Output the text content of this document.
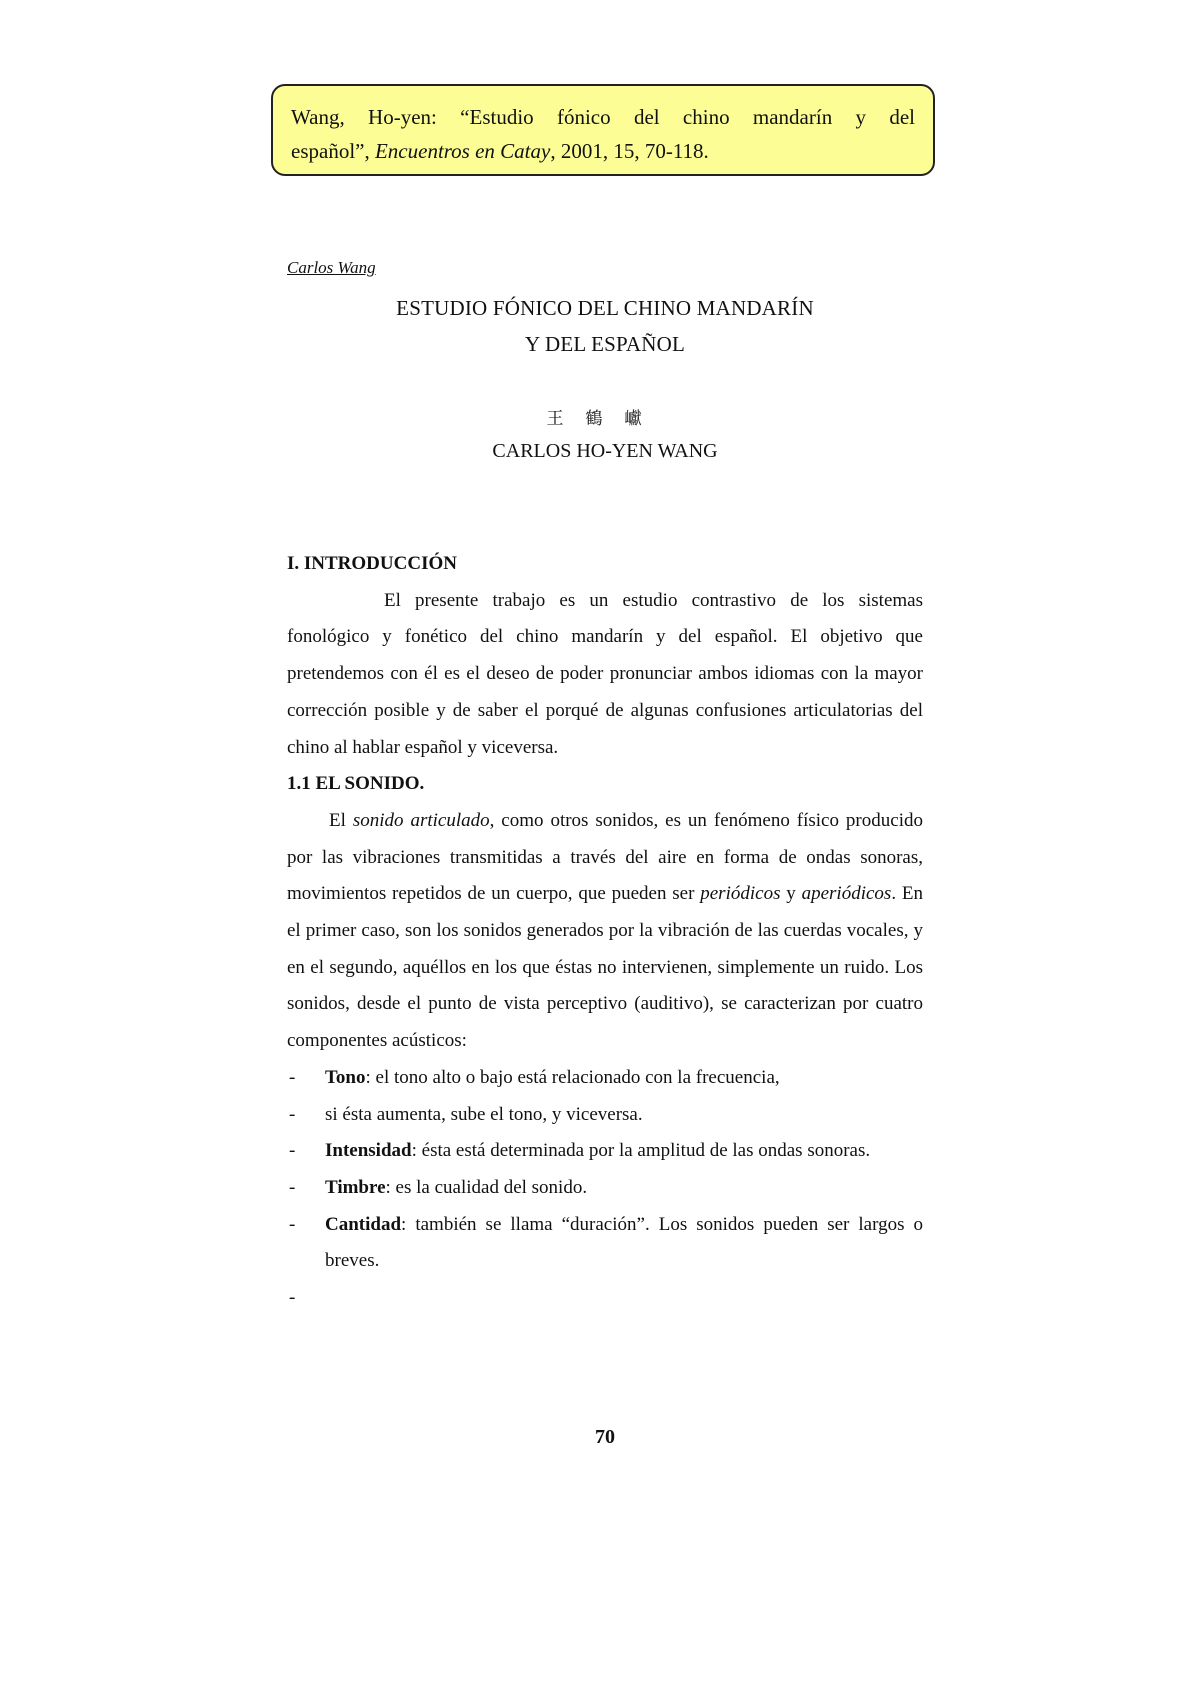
Wang, Ho-yen: “Estudio fónico del chino mandarín y del
español”, Encuentros en Catay, 2001, 15, 70-118.
Carlos Wang
ESTUDIO FÓNICO DEL CHINO MANDARÍN
Y DEL ESPAÑOL
王鶴巘
CARLOS HO-YEN WANG

I. INTRODUCCIÓN

El presente trabajo es un estudio contrastivo de los sistemas fonológico y fonético del chino mandarín y del español. El objetivo que pretendemos con él es el deseo de poder pronunciar ambos idiomas con la mayor corrección posible y de saber el porqué de algunas confusiones articulatorias del chino al hablar español y viceversa.

1.1 EL SONIDO.

El sonido articulado, como otros sonidos, es un fenómeno físico producido por las vibraciones transmitidas a través del aire en forma de ondas sonoras, movimientos repetidos de un cuerpo, que pueden ser periódicos y aperiódicos. En el primer caso, son los sonidos generados por la vibración de las cuerdas vocales, y en el segundo, aquéllos en los que éstas no intervienen, simplemente un ruido. Los sonidos, desde el punto de vista perceptivo (auditivo), se caracterizan por cuatro componentes acústicos:

- Tono: el tono alto o bajo está relacionado con la frecuencia,
- si ésta aumenta, sube el tono, y viceversa.
- Intensidad: ésta está determinada por la amplitud de las ondas sonoras.
- Timbre: es la cualidad del sonido.
- Cantidad: también se llama “duración”. Los sonidos pueden ser largos o breves.
-

70
